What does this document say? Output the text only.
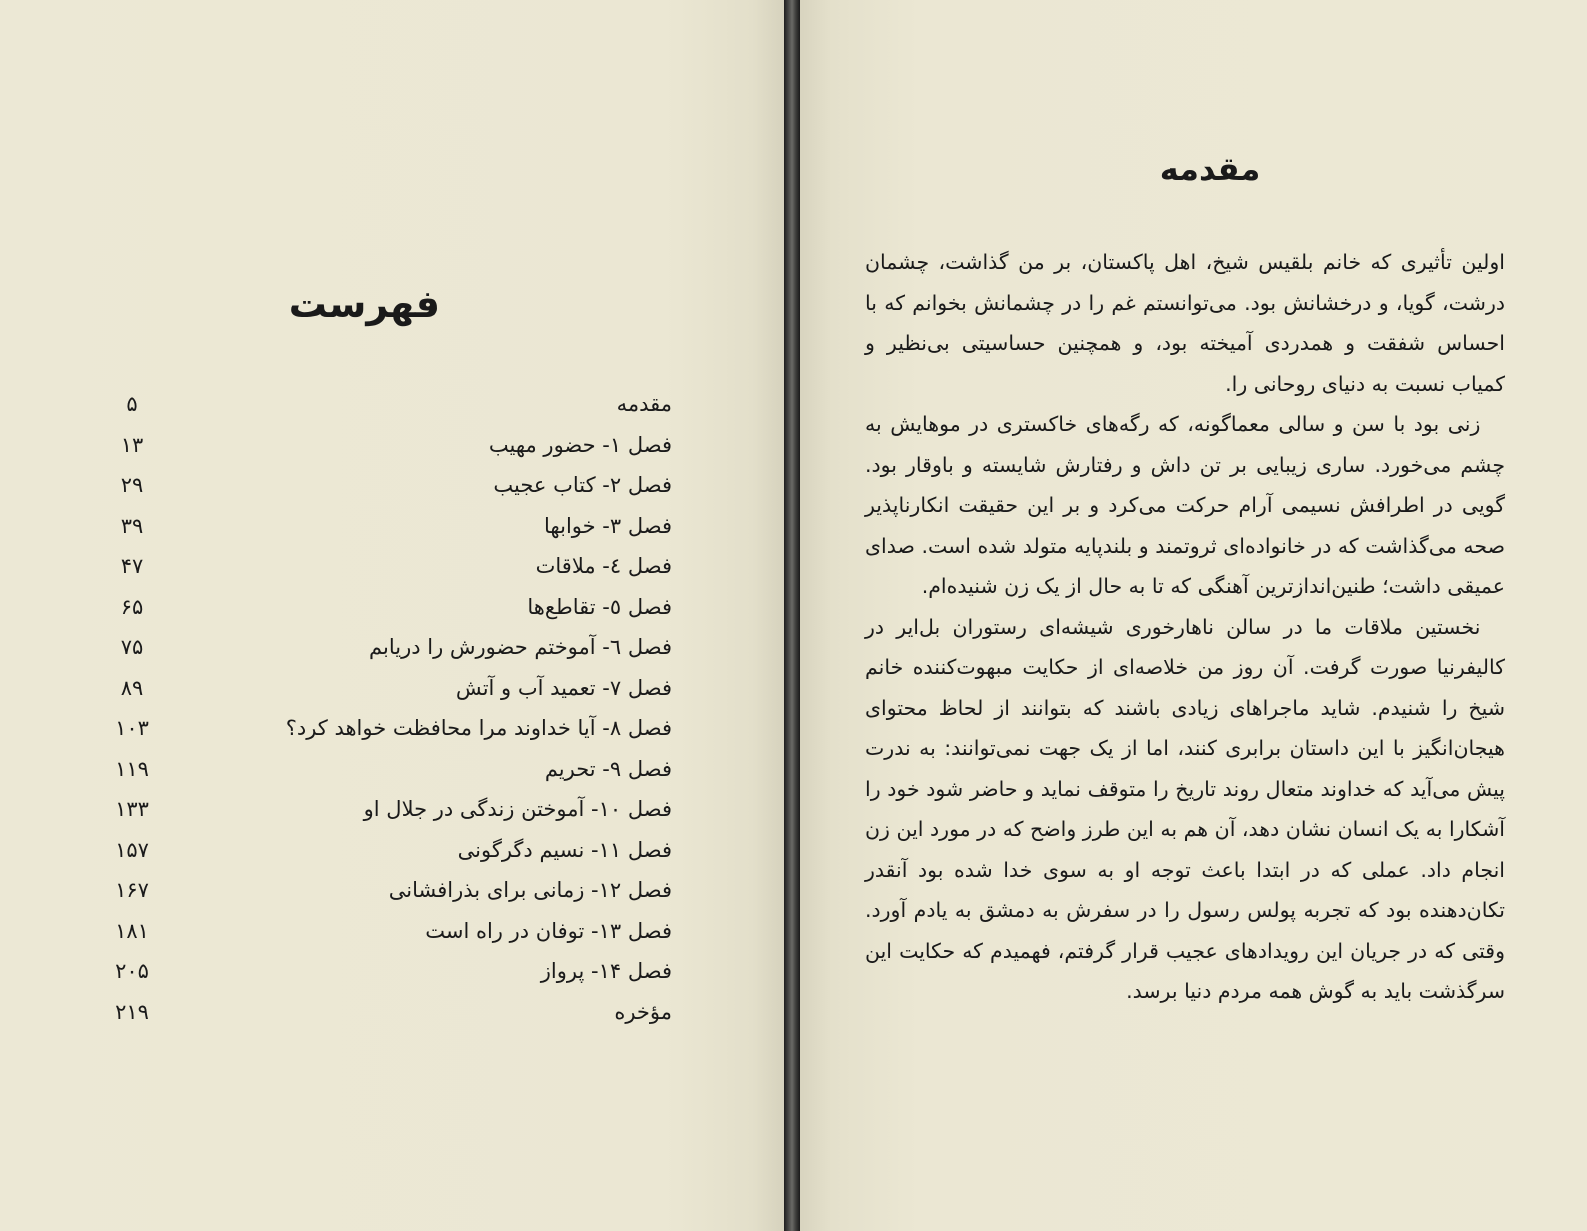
فهرست
مقدمه
۵
فصل ۱- حضور مهیب
۱۳
فصل ۲- کتاب عجیب
۲۹
فصل ۳- خوابها
۳۹
فصل ٤- ملاقات
۴۷
فصل ٥- تقاطع‌ها
۶۵
فصل ٦- آموختم حضورش را دریابم
۷۵
فصل ٧- تعمید آب و آتش
۸۹
فصل ٨- آیا خداوند مرا محافظت خواهد کرد؟
۱۰۳
فصل ٩- تحریم
۱۱۹
فصل ۱۰- آموختن زندگی در جلال او
۱۳۳
فصل ۱۱- نسیم دگرگونی
۱۵۷
فصل ۱۲- زمانی برای بذرافشانی
۱۶۷
فصل ۱۳- توفان در راه است
۱۸۱
فصل ۱۴- پرواز
۲۰۵
مؤخره
۲۱۹
مقدمه

اولین تأثیری که خانم بلقیس شیخ، اهل پاکستان، بر من گذاشت، چشمان درشت، گویا، و درخشانش بود. می‌توانستم غم را در چشمانش بخوانم که با احساس شفقت و همدردی آمیخته بود، و همچنین حساسیتی بی‌نظیر و کمیاب نسبت به دنیای روحانی را.

زنی بود با سن و سالی معماگونه، که رگه‌های خاکستری در موهایش به چشم می‌خورد. ساری زیبایی بر تن داش و رفتارش شایسته و باوقار بود. گویی در اطرافش نسیمی آرام حرکت می‌کرد و بر این حقیقت انکارناپذیر صحه می‌گذاشت که در خانواده‌ای ثروتمند و بلندپایه متولد شده است. صدای عمیقی داشت؛ طنین‌اندازترین آهنگی که تا به حال از یک زن شنیده‌ام.

نخستین ملاقات ما در سالن ناهارخوری شیشه‌ای رستوران بل‌ایر در کالیفرنیا صورت گرفت. آن روز من خلاصه‌ای از حکایت مبهوت‌کننده خانم شیخ را شنیدم. شاید ماجراهای زیادی باشند که بتوانند از لحاظ محتوای هیجان‌انگیز با این داستان برابری کنند، اما از یک جهت نمی‌توانند: به ندرت پیش می‌آید که خداوند متعال روند تاریخ را متوقف نماید و حاضر شود خود را آشکارا به یک انسان نشان دهد، آن هم به این طرز واضح که در مورد این زن انجام داد. عملی که در ابتدا باعث توجه او به سوی خدا شده بود آنقدر تکان‌دهنده بود که تجربه پولس رسول را در سفرش به دمشق به یادم آورد. وقتی که در جریان این رویدادهای عجیب قرار گرفتم، فهمیدم که حکایت این سرگذشت باید به گوش همه مردم دنیا برسد.
